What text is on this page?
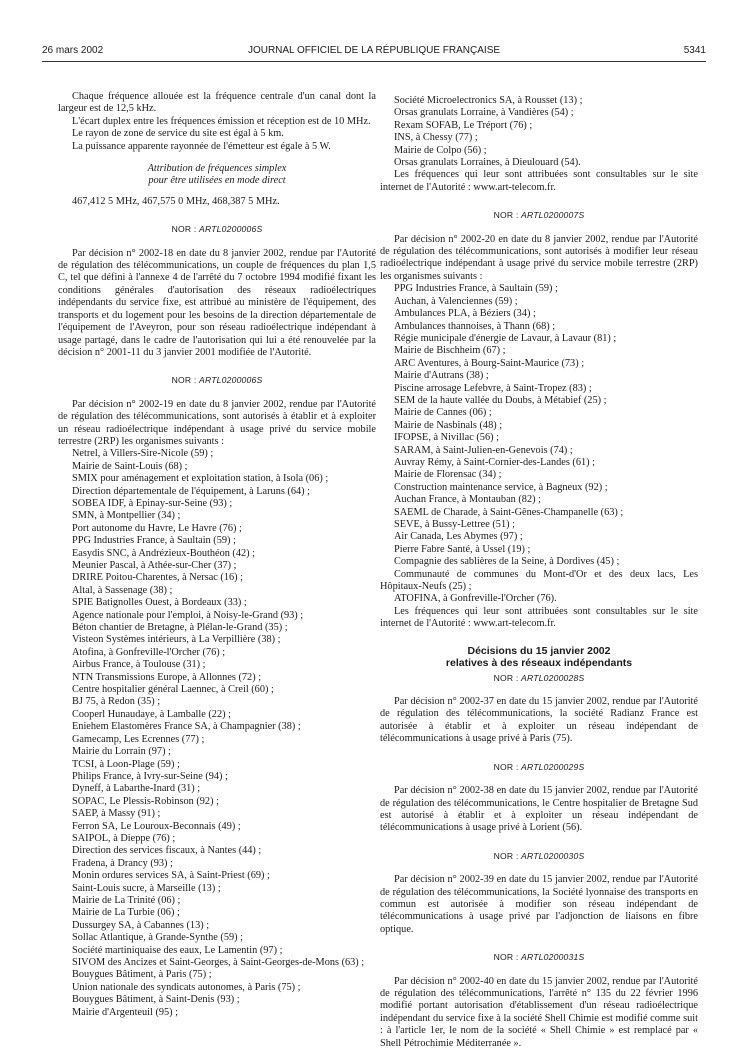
26 mars 2002	JOURNAL OFFICIEL DE LA RÉPUBLIQUE FRANÇAISE	5341

Chaque fréquence allouée est la fréquence centrale d'un canal dont la largeur est de 12,5 kHz.

L'écart duplex entre les fréquences émission et réception est de 10 MHz.

Le rayon de zone de service du site est égal à 5 km.

La puissance apparente rayonnée de l'émetteur est égale à 5 W.

Attribution de fréquences simplex
pour être utilisées en mode direct

467,412 5 MHz, 467,575 0 MHz, 468,387 5 MHz.

NOR : ARTL0200006S

Par décision n° 2002-18 en date du 8 janvier 2002, rendue par l'Autorité de régulation des télécommunications, un couple de fréquences du plan 1,5 C, tel que défini à l'annexe 4 de l'arrêté du 7 octobre 1994 modifié fixant les conditions générales d'autorisation des réseaux radioélectriques indépendants du service fixe, est attribué au ministère de l'équipement, des transports et du logement pour les besoins de la direction départementale de l'équipement de l'Aveyron, pour son réseau radioélectrique indépendant à usage partagé, dans le cadre de l'autorisation qui lui a été renouvelée par la décision n° 2001-11 du 3 janvier 2001 modifiée de l'Autorité.

NOR : ARTL0200006S

Par décision n° 2002-19 en date du 8 janvier 2002, rendue par l'Autorité de régulation des télécommunications, sont autorisés à établir et à exploiter un réseau radioélectrique indépendant à usage privé du service mobile terrestre (2RP) les organismes suivants :

Netrel, à Villers-Sire-Nicole (59) ;

Mairie de Saint-Louis (68) ;

SMIX pour aménagement et exploitation station, à Isola (06) ;

Direction départementale de l'équipement, à Laruns (64) ;

SOBEA IDF, à Epinay-sur-Seine (93) ;

SMN, à Montpellier (34) ;

Port autonome du Havre, Le Havre (76) ;

PPG Industries France, à Saultain (59) ;

Easydis SNC, à Andrézieux-Bouthéon (42) ;

Meunier Pascal, à Athée-sur-Cher (37) ;

DRIRE Poitou-Charentes, à Nersac (16) ;

Altal, à Sassenage (38) ;

SPIE Batignolles Ouest, à Bordeaux (33) ;

Agence nationale pour l'emploi, à Noisy-le-Grand (93) ;

Béton chantier de Bretagne, à Plélan-le-Grand (35) ;

Visteon Systèmes intérieurs, à La Verpillière (38) ;

Atofina, à Gonfreville-l'Orcher (76) ;

Airbus France, à Toulouse (31) ;

NTN Transmissions Europe, à Allonnes (72) ;

Centre hospitalier général Laennec, à Creil (60) ;

BJ 75, à Redon (35) ;

Cooperl Hunaudaye, à Lamballe (22) ;

Eniehem Elastomères France SA, à Champagnier (38) ;

Gamecamp, Les Ecrennes (77) ;

Mairie du Lorrain (97) ;

TCSI, à Loon-Plage (59) ;

Philips France, à Ivry-sur-Seine (94) ;

Dyneff, à Labarthe-Inard (31) ;

SOPAC, Le Plessis-Robinson (92) ;

SAEP, à Massy (91) ;

Ferron SA, Le Louroux-Beconnais (49) ;

SAIPOL, à Dieppe (76) ;

Direction des services fiscaux, à Nantes (44) ;

Fradena, à Drancy (93) ;

Monin ordures services SA, à Saint-Priest (69) ;

Saint-Louis sucre, à Marseille (13) ;

Mairie de La Trinité (06) ;

Mairie de La Turbie (06) ;

Dussurgey SA, à Cabannes (13) ;

Sollac Atlantique, à Grande-Synthe (59) ;

Société martiniquaise des eaux, Le Lamentin (97) ;

SIVOM des Ancizes et Saint-Georges, à Saint-Georges-de-Mons (63) ;

Bouygues Bâtiment, à Paris (75) ;

Union nationale des syndicats autonomes, à Paris (75) ;

Bouygues Bâtiment, à Saint-Denis (93) ;

Mairie d'Argenteuil (95) ;

Société Microelectronics SA, à Rousset (13) ;

Orsas granulats Lorraine, à Vandières (54) ;

Rexam SOFAB, Le Tréport (76) ;

INS, à Chessy (77) ;

Mairie de Colpo (56) ;

Orsas granulats Lorraines, à Dieulouard (54).

Les fréquences qui leur sont attribuées sont consultables sur le site internet de l'Autorité : www.art-telecom.fr.

NOR : ARTL0200007S

Par décision n° 2002-20 en date du 8 janvier 2002, rendue par l'Autorité de régulation des télécommunications, sont autorisés à modifier leur réseau radioélectrique indépendant à usage privé du service mobile terrestre (2RP) les organismes suivants :

PPG Industries France, à Saultain (59) ;

Auchan, à Valenciennes (59) ;

Ambulances PLA, à Béziers (34) ;

Ambulances thannoises, à Thann (68) ;

Régie municipale d'énergie de Lavaur, à Lavaur (81) ;

Mairie de Bischheim (67) ;

ARC Aventures, à Bourg-Saint-Maurice (73) ;

Mairie d'Autrans (38) ;

Piscine arrosage Lefebvre, à Saint-Tropez (83) ;

SEM de la haute vallée du Doubs, à Métabief (25) ;

Mairie de Cannes (06) ;

Mairie de Nasbinals (48) ;

IFOPSE, à Nivillac (56) ;

SARAM, à Saint-Julien-en-Genevois (74) ;

Auvray Rémy, à Saint-Cornier-des-Landes (61) ;

Mairie de Florensac (34) ;

Construction maintenance service, à Bagneux (92) ;

Auchan France, à Montauban (82) ;

SAEML de Charade, à Saint-Gênes-Champanelle (63) ;

SEVE, à Bussy-Lettree (51) ;

Air Canada, Les Abymes (97) ;

Pierre Fabre Santé, à Ussel (19) ;

Compagnie des sablières de la Seine, à Dordives (45) ;

Communauté de communes du Mont-d'Or et des deux lacs, Les Hôpitaux-Neufs (25) ;

ATOFINA, à Gonfreville-l'Orcher (76).

Les fréquences qui leur sont attribuées sont consultables sur le site internet de l'Autorité : www.art-telecom.fr.

Décisions du 15 janvier 2002
relatives à des réseaux indépendants
NOR : ARTL0200028S

Par décision n° 2002-37 en date du 15 janvier 2002, rendue par l'Autorité de régulation des télécommunications, la société Radianz France est autorisée à établir et à exploiter un réseau indépendant de télécommunications à usage privé à Paris (75).

NOR : ARTL0200029S

Par décision n° 2002-38 en date du 15 janvier 2002, rendue par l'Autorité de régulation des télécommunications, le Centre hospitalier de Bretagne Sud est autorisé à établir et à exploiter un réseau indépendant de télécommunications à usage privé à Lorient (56).

NOR : ARTL0200030S

Par décision n° 2002-39 en date du 15 janvier 2002, rendue par l'Autorité de régulation des télécommunications, la Société lyonnaise des transports en commun est autorisée à modifier son réseau indépendant de télécommunications à usage privé par l'adjonction de liaisons en fibre optique.

NOR : ARTL0200031S

Par décision n° 2002-40 en date du 15 janvier 2002, rendue par l'Autorité de régulation des télécommunications, l'arrêté n° 135 du 22 février 1996 modifié portant autorisation d'établissement d'un réseau radioélectrique indépendant du service fixe à la société Shell Chimie est modifié comme suit : à l'article 1er, le nom de la société « Shell Chimie » est remplacé par « Shell Pétrochimie Méditerranée ».
